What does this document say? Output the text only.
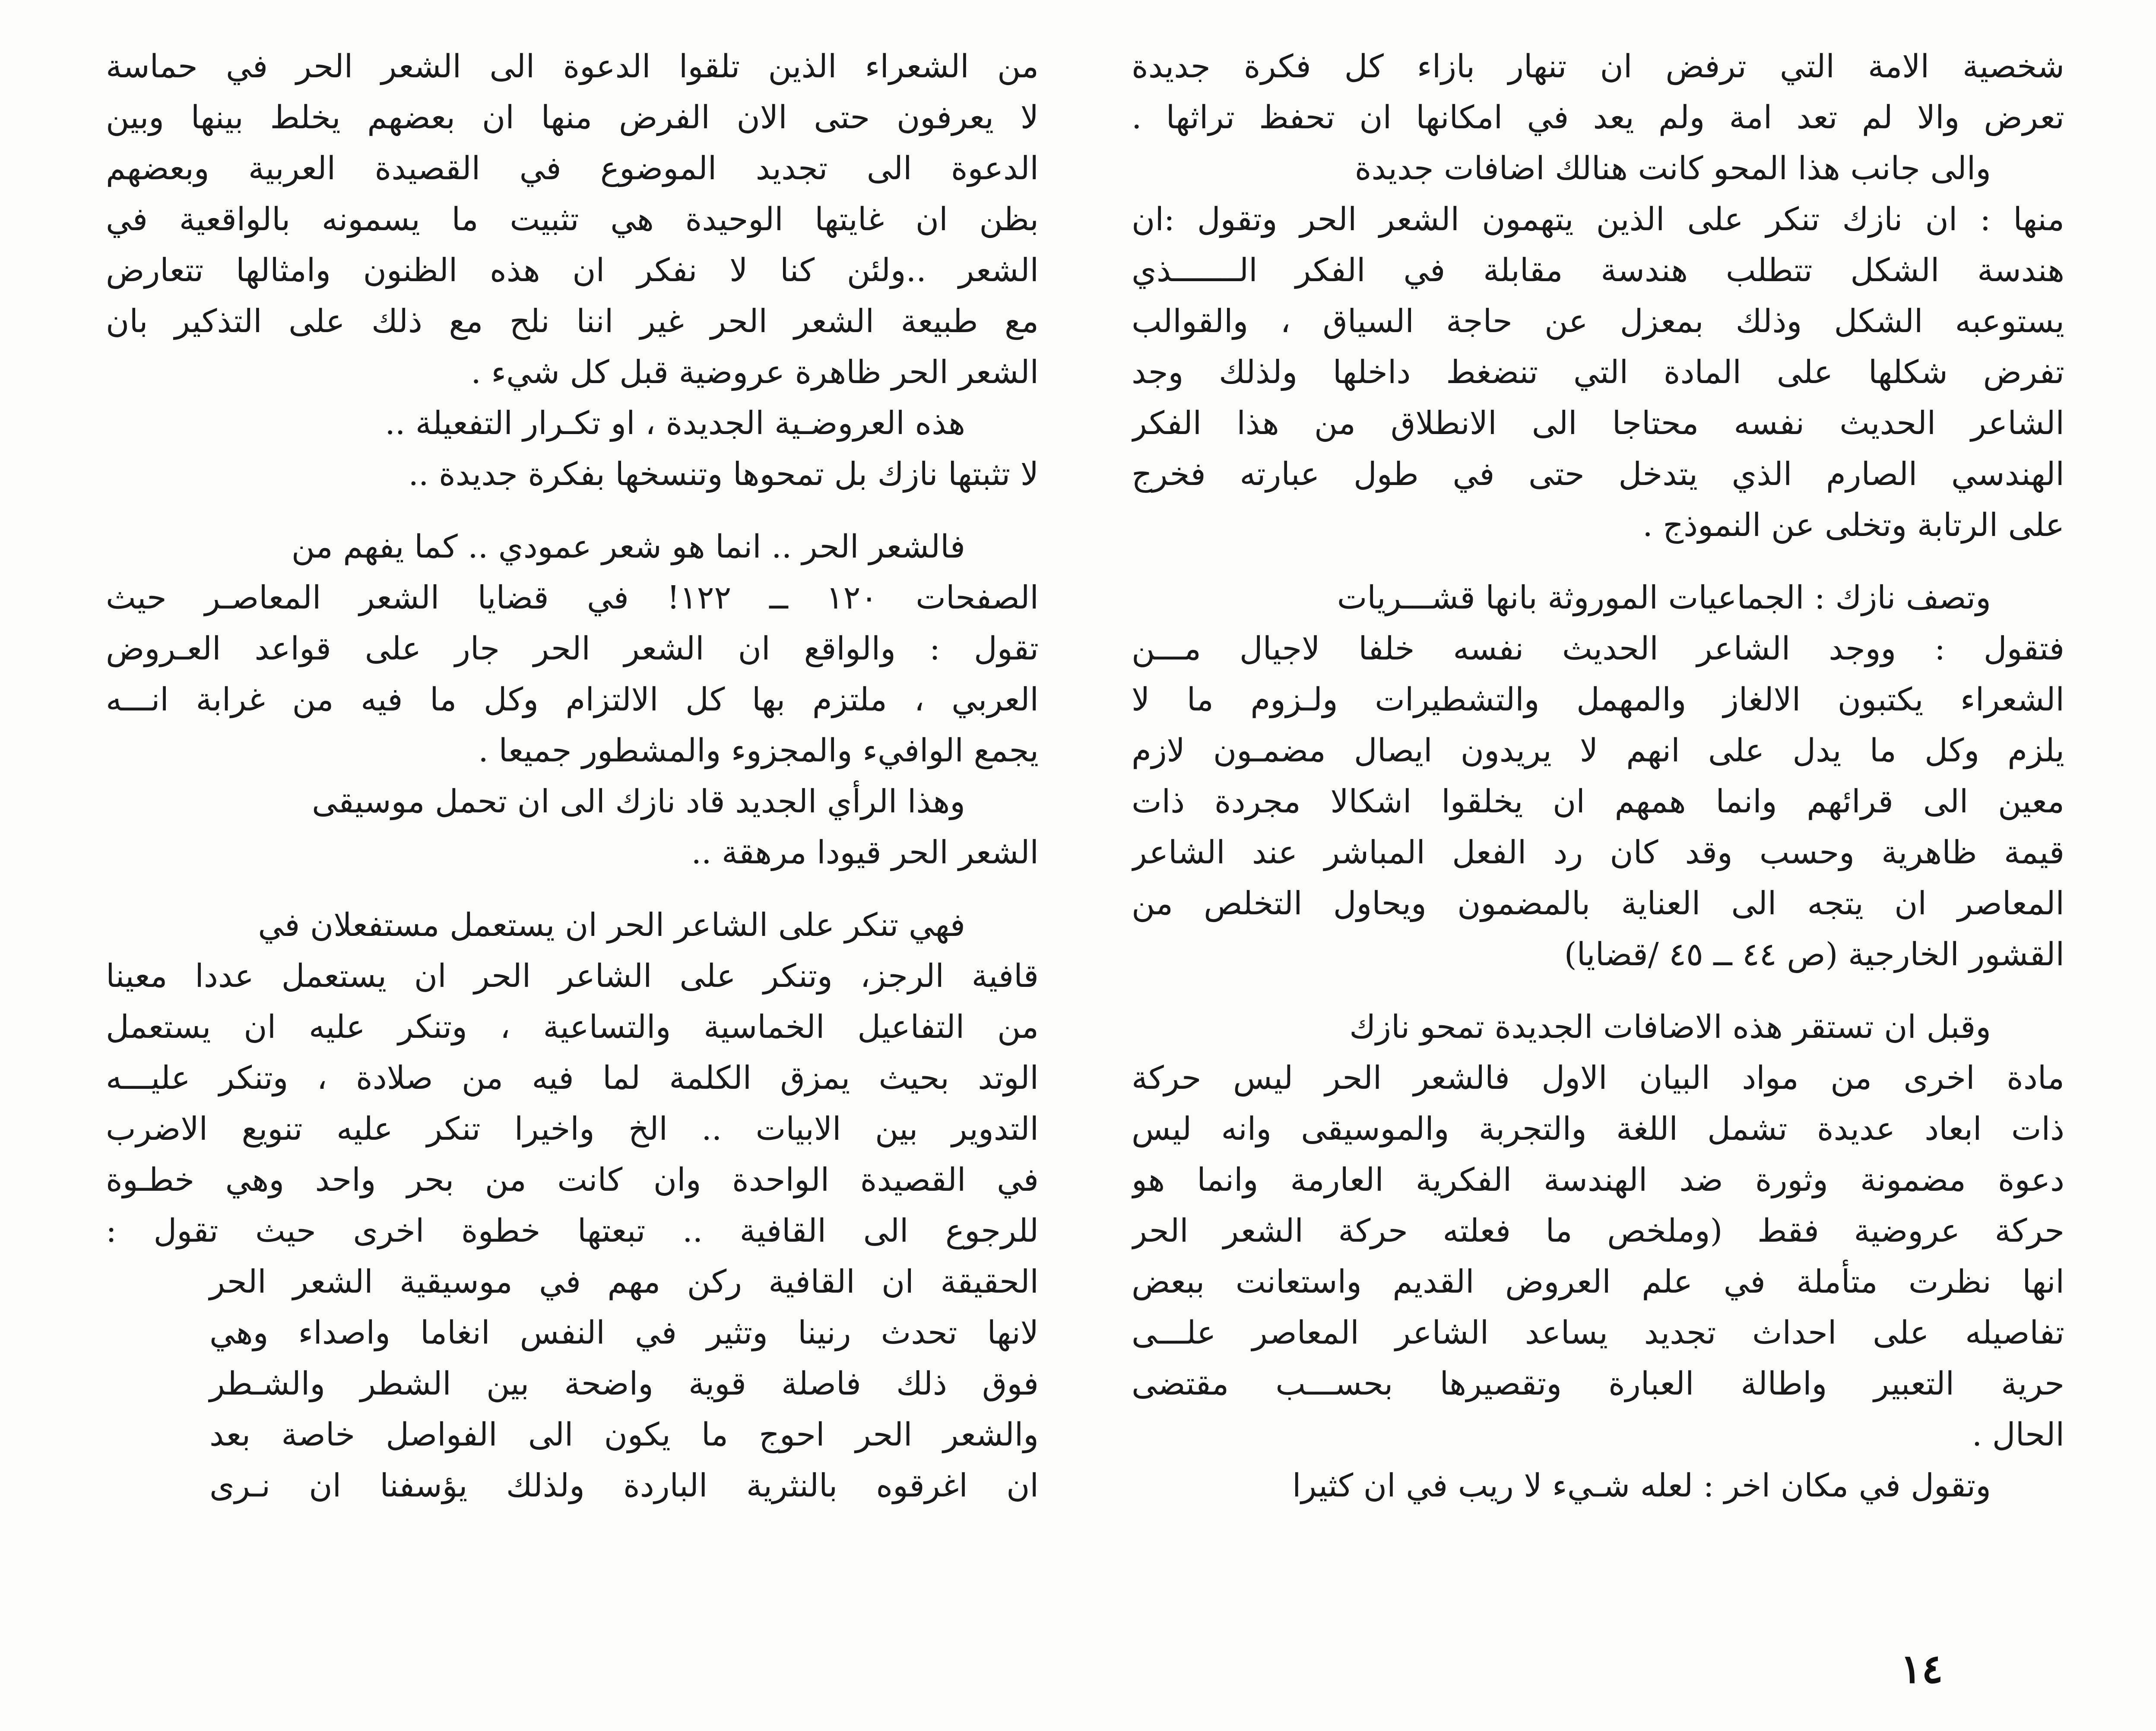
شخصية الامة التي ترفض ان تنهار بازاء كل فكرة جديدة
تعرض والا لم تعد امة ولم يعد في امكانها ان تحفظ تراثها .
والى جانب هذا المحو كانت هنالك اضافات جديدة
منها : ان نازك تنكر على الذين يتهمون الشعر الحر وتقول :ان
هندسة الشكل تتطلب هندسة مقابلة في الفكر الـــــــذي
يستوعبه الشكل وذلك بمعزل عن حاجة السياق ، والقوالب
تفرض شكلها على المادة التي تنضغط داخلها ولذلك وجد
الشاعر الحديث نفسه محتاجا الى الانطلاق من هذا الفكر
الهندسي الصارم الذي يتدخل حتى في طول عبارته فخرج
على الرتابة وتخلى عن النموذج .
وتصف نازك : الجماعيات الموروثة بانها قشـــريات
فتقول : ووجد الشاعر الحديث نفسه خلفا لاجيال مـــن
الشعراء يكتبون الالغاز والمهمل والتشطيرات ولـزوم ما لا
يلزم وكل ما يدل على انهم لا يريدون ايصال مضمـون لازم
معين الى قرائهم وانما همهم ان يخلقوا اشكالا مجردة ذات
قيمة ظاهرية وحسب وقد كان رد الفعل المباشر عند الشاعر
المعاصر ان يتجه الى العناية بالمضمون ويحاول التخلص من
القشور الخارجية (ص ٤٤ ــ ٤٥ /قضايا)
وقبل ان تستقر هذه الاضافات الجديدة تمحو نازك
مادة اخرى من مواد البيان الاول فالشعر الحر ليس حركة
ذات ابعاد عديدة تشمل اللغة والتجربة والموسيقى وانه ليس
دعوة مضمونة وثورة ضد الهندسة الفكرية العارمة وانما هو
حركة عروضية فقط (وملخص ما فعلته حركة الشعر الحر
انها نظرت متأملة في علم العروض القديم واستعانت ببعض
تفاصيله على احداث تجديد يساعد الشاعر المعاصر علـــى
حرية التعبير واطالة العبارة وتقصيرها بحســـب مقتضى
الحال .
وتقول في مكان اخر : لعله شـيء لا ريب في ان كثيرا
من الشعراء الذين تلقوا الدعوة الى الشعر الحر في حماسة
لا يعرفون حتى الان الفرض منها ان بعضهم يخلط بينها وبين
الدعوة الى تجديد الموضوع في القصيدة العربية وبعضهم
بظن ان غايتها الوحيدة هي تثبيت ما يسمونه بالواقعية في
الشعر ..ولئن كنا لا نفكر ان هذه الظنون وامثالها تتعارض
مع طبيعة الشعر الحر غير اننا نلح مع ذلك على التذكير بان
الشعر الحر ظاهرة عروضية قبل كل شيء .
هذه العروضـية الجديدة ، او تكـرار التفعيلة ..
لا تثبتها نازك بل تمحوها وتنسخها بفكرة جديدة ..
فالشعر الحر .. انما هو شعر عمودي .. كما يفهم من
الصفحات ١٢٠ ــ ١٢٢! في قضايا الشعر المعاصـر حيث
تقول : والواقع ان الشعر الحر جار على قواعد العـروض
العربي ، ملتزم بها كل الالتزام وكل ما فيه من غرابة انـــه
يجمع الوافيء والمجزوء والمشطور جميعا .
وهذا الرأي الجديد قاد نازك الى ان تحمل موسيقى
الشعر الحر قيودا مرهقة ..
فهي تنكر على الشاعر الحر ان يستعمل مستفعلان في
قافية الرجز، وتنكر على الشاعر الحر ان يستعمل عددا معينا
من التفاعيل الخماسية والتساعية ، وتنكر عليه ان يستعمل
الوتد بحيث يمزق الكلمة لما فيه من صلادة ، وتنكر عليـــه
التدوير بين الابيات .. الخ واخيرا تنكر عليه تنويع الاضرب
في القصيدة الواحدة وان كانت من بحر واحد وهي خطـوة
للرجوع الى القافية .. تبعتها خطوة اخرى حيث تقول :
الحقيقة ان القافية ركن مهم في موسيقية الشعر الحر
لانها تحدث رنينا وتثير في النفس انغاما واصداء وهي
فوق ذلك فاصلة قوية واضحة بين الشطر والشـطر
والشعر الحر احوج ما يكون الى الفواصل خاصة بعد
ان اغرقوه بالنثرية الباردة ولذلك يؤسفنا ان نـرى
١٤
